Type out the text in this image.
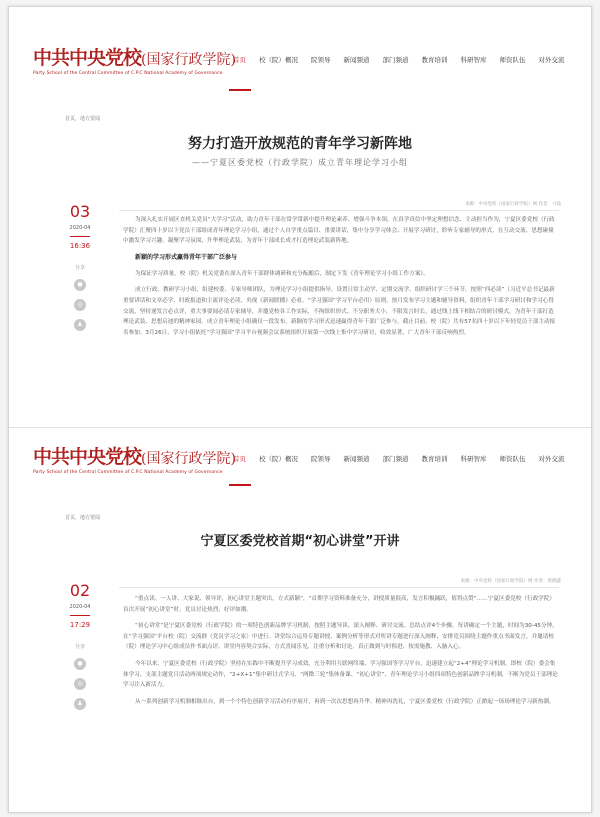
中共中央党校(国家行政学院)
Party School of the Central Committee of C.P.C National Academy of Governance
首页 校（院）概况 院领导 新闻频道 部门频道 教育培训 科研智库 师资队伍 对外交流
首页，地方要闻
努力打造开放规范的青年学习新阵地
——宁夏区委党校（行政学院）成立青年理论学习小组
来源：中央党校（国家行政学院）网 作者：马茹
03
2020-04
16:36
分享
●
◎
♟

为深入扎实开展区直机关党员“大学习”活动，助力青年干部在常学常新中提升理论素养、增强斗争本领，在真学真信中坚定理想信念、主动担当作为，宁夏区委党校（行政学院）汇聚四十岁以下党员干部组成青年理论学习小组，通过个人自学重点篇目、重要讲话，集中分享学习体会、开展学习研讨，聆听专家辅导的形式，在互动交流、思想碰撞中激发学习兴趣、凝聚学习氛围、升华理论武装，为青年干部成长成才打造理论武装新阵地。

新颖的学习形式赢得青年干部广泛参与

为保证学习质量，校（院）机关党委在深入青年干部群体调研和充分酝酿后，制定下发《青年理论学习小组工作方案》。

成立行政、教研学习小组，组建校委、专家导师团队，为理论学习小组提供指导。设置日常主动学、定期交流学、组织研讨学三个环节，按照“四必读”（习近平总书记最新重要讲话和文章必学、时政报道和主流评论必读、央视《新闻联播》必看、“学习强国”学习平台必用）原则，按月发布学习主题和辅导资料，组织青年干部学习研讨和学习心得交流，坚持递发言必点评，重大事要闻必请专家辅导，并邀党校各工作实际，不拘组织形式、不分职务大小，不限发言时长，通过线上线下相结合的研讨模式，为青年干部打造理论武装、思想启迪的精神家园。成立青年理论小组确仅一段发布，新颖的学习形式迅速赢得青年干部广泛参与。截止目前，校（院）共有57名四十岁以下年轻党员干部主动报名参加。3月26日，学习小组依托“学习强国”学习平台视频会议系统组织开展第一次线上集中学习研讨，收效显著，广大青年干部反响热烈。

中共中央党校(国家行政学院)
Party School of the Central Committee of C.P.C National Academy of Governance
首页 校（院）概况 院领导 新闻频道 部门频道 教育培训 科研智库 师资队伍 对外交流
首页，地方要闻
宁夏区委党校首期“初心讲堂”开讲
来源：中央党校（国家行政学院）网 作者：唐晓鑫
02
2020-04
17:29
分享
●
◎
♟

“重点读、一人讲、大家说、领导评，初心讲堂主题突出，方式新颖”，“首期学习资料准备充分，讲授质量很高，发言积极踊跃，值得点赞”……宁夏区委党校（行政学院）首次开展“初心讲堂”时，党员讨论热烈、好评如潮。

“初心讲堂”是宁夏区委党校（行政学院）的一项特色创新品牌学习机制，按照主题导读、深入阐释、研讨交流、总结点评4个步骤，每讲确定一个主题，时间为30-45分钟，在“学习强国”平台校（院）交流群（党员学习之家）中进行。讲堂综合运用专题讲授、案例分析等形式对所讲专题进行深入阐释，安排党员围绕主题作重点书面发言，并邀请校（院）理论学习中心组成员作书面点评。讲堂内容契合实际，方式喜闻乐见，注重分析和讨论，真正做到与时俱进、按需施教、入脑入心。

今年以来，宁夏区委党校（行政学院）坚持在实践中不断提升学习成效，充分利用互联网终端、学习强国等学习平台，迅速建立起“2+4”理论学习机制，即校（院）委会集体学习、支部主题党日活动两项规定动作，“2+X+1”集中研讨式学习、“两微三轮”集体备课、“初心讲堂”、青年理论学习小组四项特色创新品牌学习机制，不断为党员干部理论学习注入新活力。

从一系列创新学习机制相继出台，到一个个特色创新学习活动有序展开，再到一次次思想再升华、精神再洗礼，宁夏区委党校（行政学院）正掀起一场场理论学习新热潮。
